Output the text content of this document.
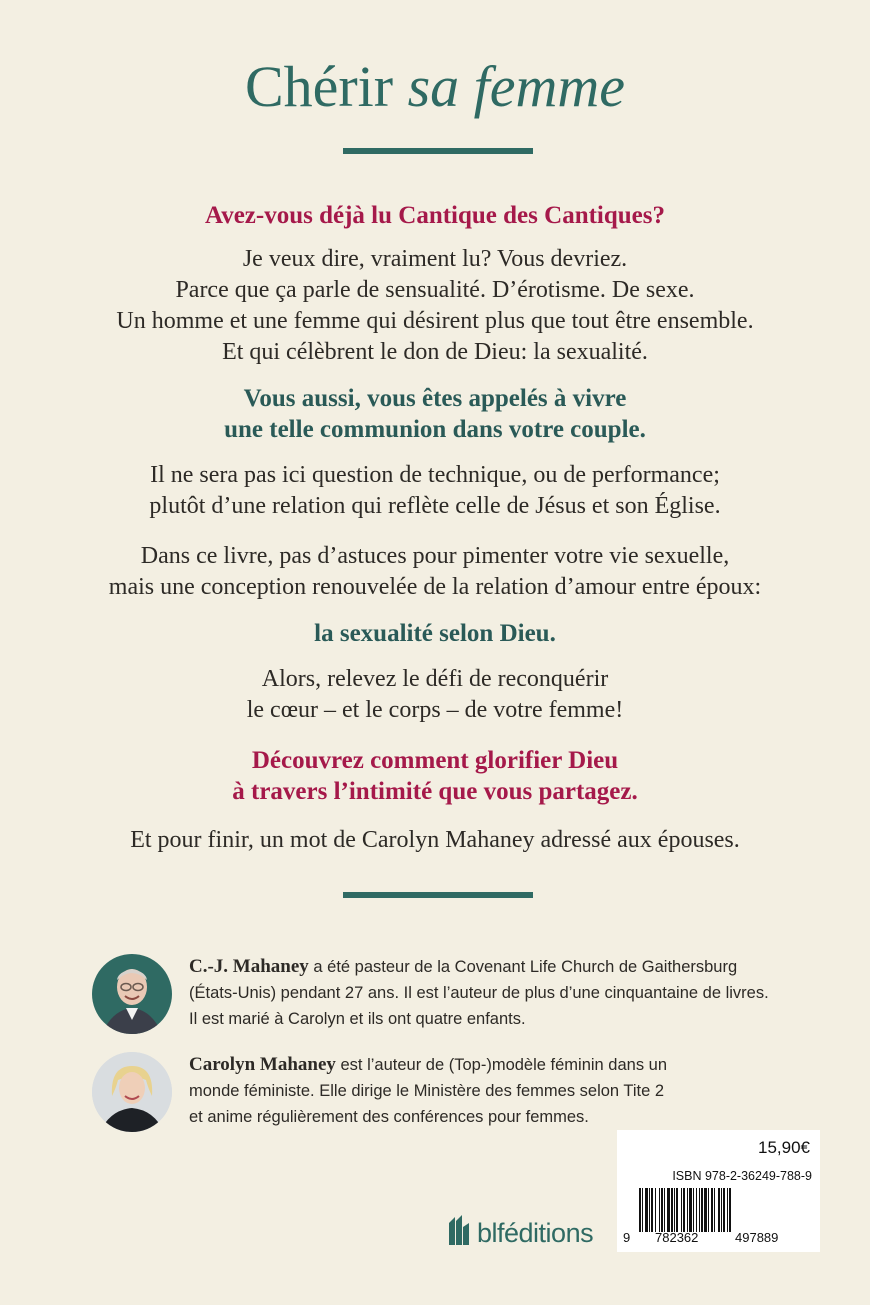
Chérir sa femme

Avez-vous déjà lu Cantique des Cantiques?

Je veux dire, vraiment lu? Vous devriez.

Parce que ça parle de sensualité. D’érotisme. De sexe.

Un homme et une femme qui désirent plus que tout être ensemble.

Et qui célèbrent le don de Dieu: la sexualité.

Vous aussi, vous êtes appelés à vivre

une telle communion dans votre couple.

Il ne sera pas ici question de technique, ou de performance;

plutôt d’une relation qui reflète celle de Jésus et son Église.

Dans ce livre, pas d’astuces pour pimenter votre vie sexuelle,

mais une conception renouvelée de la relation d’amour entre époux:

la sexualité selon Dieu.

Alors, relevez le défi de reconquérir

le cœur – et le corps – de votre femme!

Découvrez comment glorifier Dieu

à travers l’intimité que vous partagez.

Et pour finir, un mot de Carolyn Mahaney adressé aux épouses.

C.-J. Mahaney a été pasteur de la Covenant Life Church de Gaithersburg
(États-Unis) pendant 27 ans. Il est l’auteur de plus d’une cinquantaine de livres.
Il est marié à Carolyn et ils ont quatre enfants.
Carolyn Mahaney est l’auteur de (Top-)modèle féminin dans un
monde féministe. Elle dirige le Ministère des femmes selon Tite 2
et anime régulièrement des conférences pour femmes.
blféditions
15,90€
ISBN 978-2-36249-788-9
9 782362	497889
